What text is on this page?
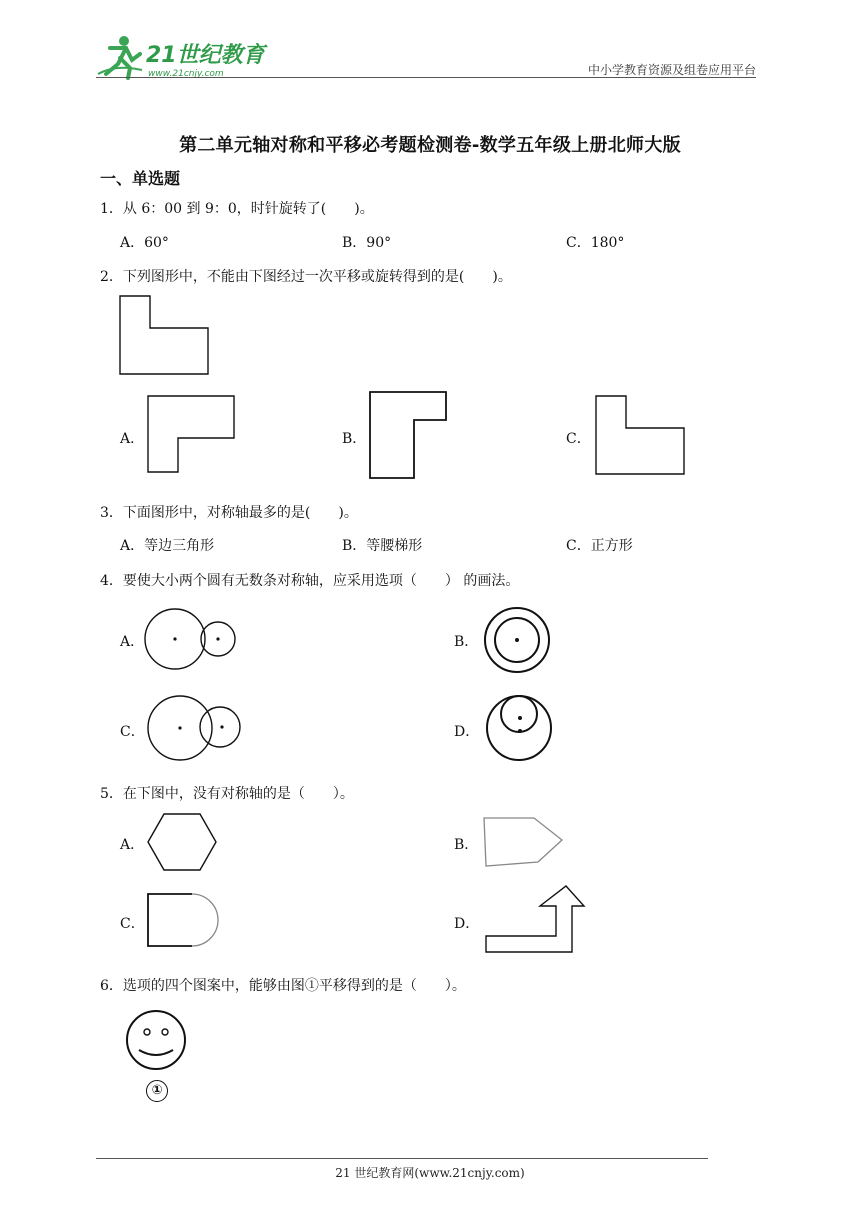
21世纪教育
www.21cnjy.com	中小学教育资源及组卷应用平台
第二单元轴对称和平移必考题检测卷-数学五年级上册北师大版
一、单选题
1．从 6：00 到 9：0，时针旋转了(　　)。
A．60°	B．90°	C．180°
2．下列图形中，不能由下图经过一次平移或旋转得到的是(　　)。
A．	B．	C．
3．下面图形中，对称轴最多的是(　　)。
A．等边三角形	B．等腰梯形	C．正方形
4．要使大小两个圆有无数条对称轴，应采用选项（　　） 的画法。
A．	B．
C．	D．
5．在下图中，没有对称轴的是（　　）。
A．	B．
C．	D．
6．选项的四个图案中，能够由图①平移得到的是（　　）。
①
21 世纪教育网(www.21cnjy.com)
